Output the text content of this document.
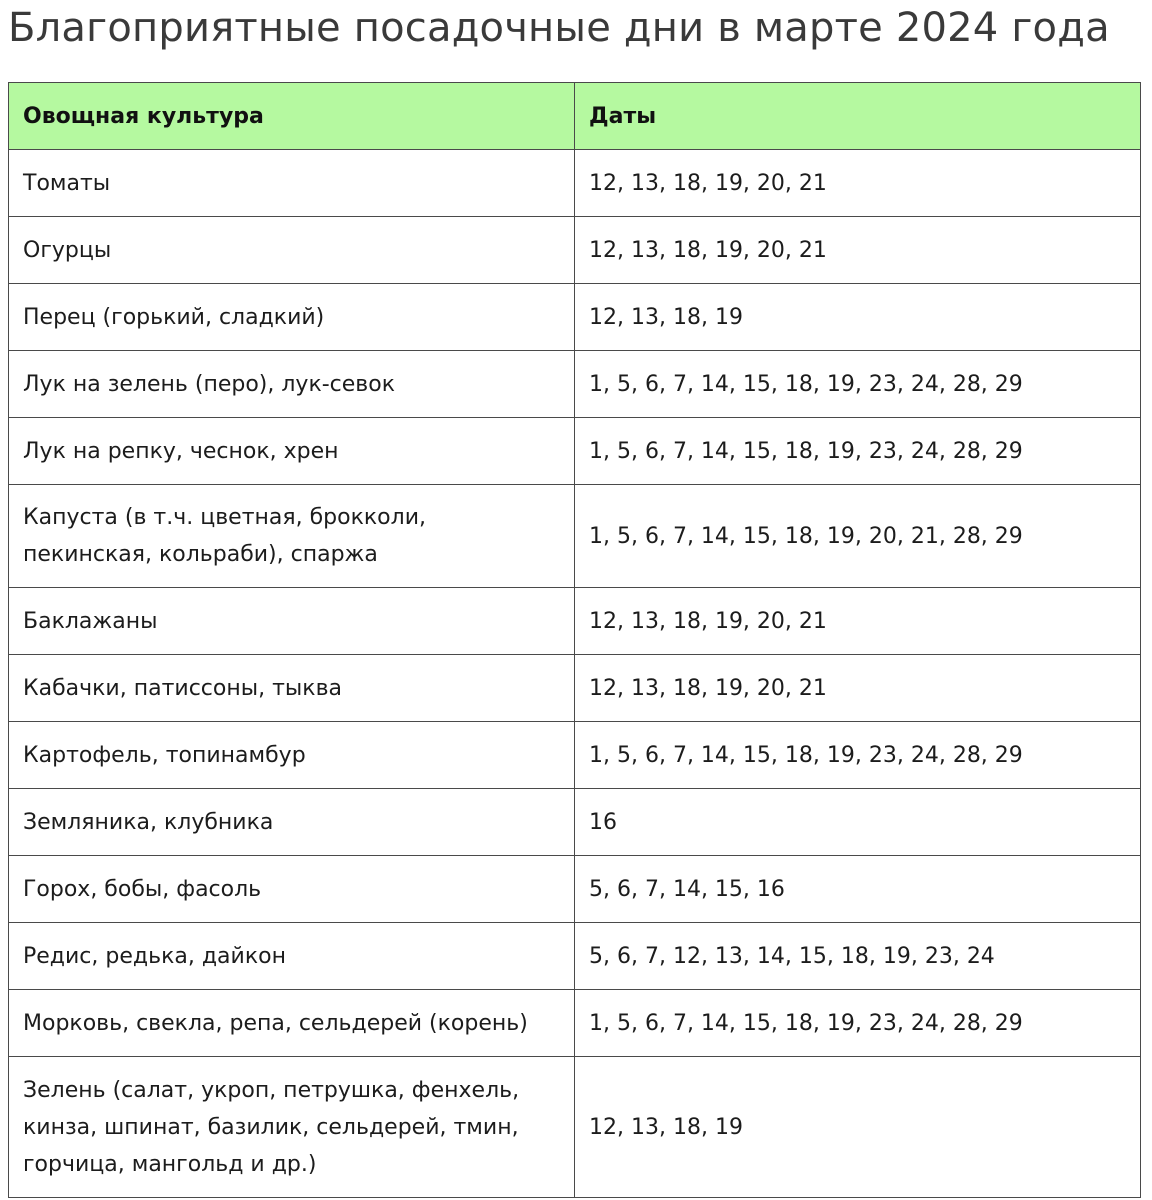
Благоприятные посадочные дни в марте 2024 года
Овощная культура	Даты
Томаты	12, 13, 18, 19, 20, 21
Огурцы	12, 13, 18, 19, 20, 21
Перец (горький, сладкий)	12, 13, 18, 19
Лук на зелень (перо), лук-севок	1, 5, 6, 7, 14, 15, 18, 19, 23, 24, 28, 29
Лук на репку, чеснок, хрен	1, 5, 6, 7, 14, 15, 18, 19, 23, 24, 28, 29
Капуста (в т.ч. цветная, брокколи, пекинская, кольраби), спаржа	1, 5, 6, 7, 14, 15, 18, 19, 20, 21, 28, 29
Баклажаны	12, 13, 18, 19, 20, 21
Кабачки, патиссоны, тыква	12, 13, 18, 19, 20, 21
Картофель, топинамбур	1, 5, 6, 7, 14, 15, 18, 19, 23, 24, 28, 29
Земляника, клубника	16
Горох, бобы, фасоль	5, 6, 7, 14, 15, 16
Редис, редька, дайкон	5, 6, 7, 12, 13, 14, 15, 18, 19, 23, 24
Морковь, свекла, репа, сельдерей (корень)	1, 5, 6, 7, 14, 15, 18, 19, 23, 24, 28, 29
Зелень (салат, укроп, петрушка, фенхель, кинза, шпинат, базилик, сельдерей, тмин, горчица, мангольд и др.)	12, 13, 18, 19
